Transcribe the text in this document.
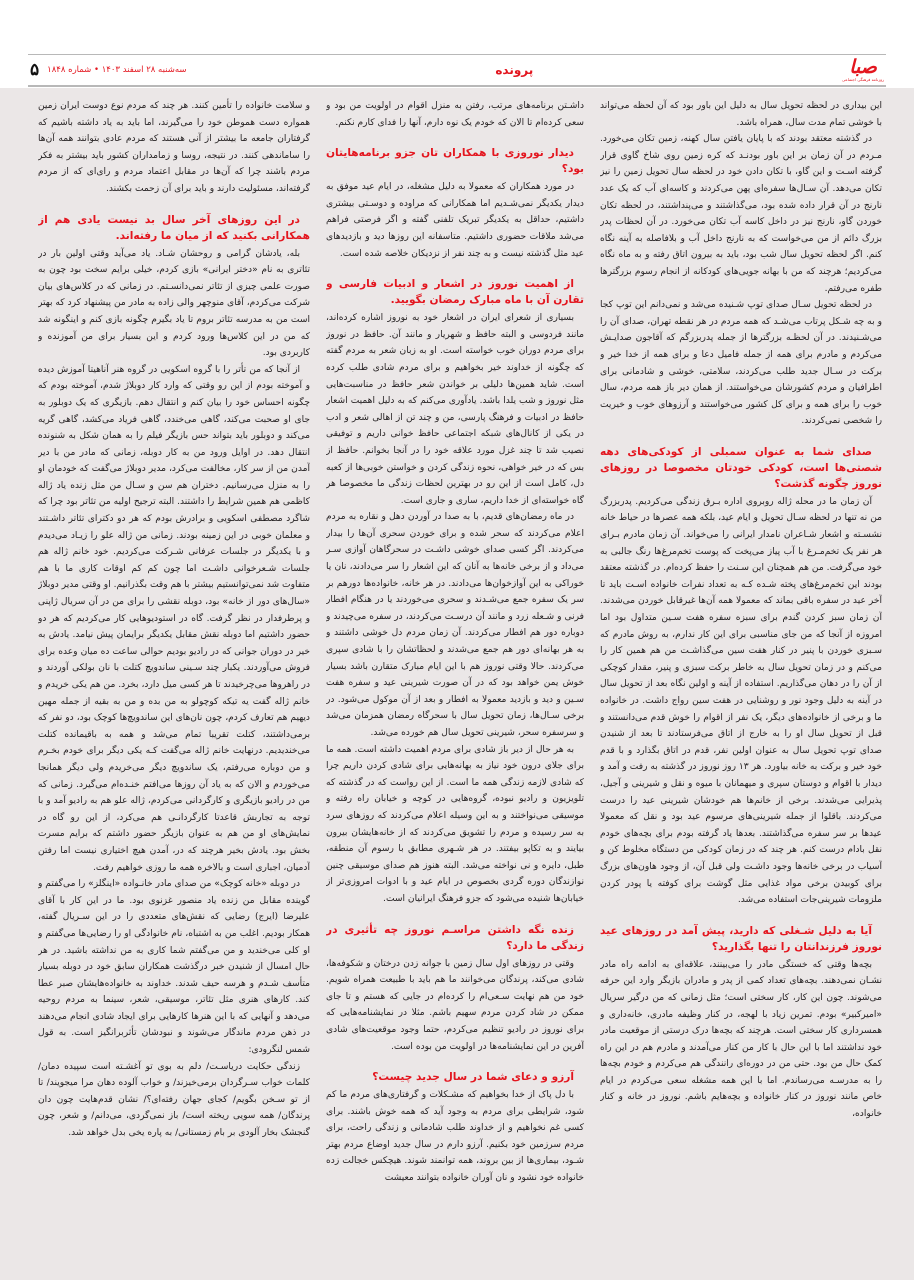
صبا
روزنامه فرهنگی اجتماعی
پرونده
سه‌شنبه ۲۸ اسفند ۱۴۰۳ • شماره ۱۸۴۸
۵

این بیداری در لحظه تحویل سال به دلیل این باور بود که آن لحظه می‌تواند با خوشی تمام مدت سال، همراه باشد.

در گذشته معتقد بودند که با پایان یافتن سال کهنه، زمین تکان می‌خورد. مـردم در آن زمان بر این باور بودنـد که کره زمین روی شاخ گاوی قرار گرفته اسـت و این گاو، با تکان دادن خود در لحظه سال تحویل زمین را نیز تکان می‌دهد. آن سـال‌ها سفره‌ای پهن می‌کردند و کاسه‌ای آب که یک عدد نارنج در آن قرار داده شده بود، می‌گذاشتند و می‌پنداشتند، در لحظه تکان خوردن گاو، نارنج نیز در داخل کاسه آب تکان می‌خورد. در آن لحظات پدر بزرگ دائم از من می‌خواست که به نارنج داخل آب و بلافاصله به آینه نگاه کنم. اگر لحظه تحویل سال شب بود، باید به بیرون اتاق رفته و به ماه نگاه می‌کردیم؛ هرچند که من با بهانه جویی‌های کودکانه از انجام رسوم بزرگترها طفره می‌رفتم.

در لحظه تحویل سـال صدای توپ شـنیده می‌شد و نمی‌دانم این توپ کجا و به چه شـکل پرتاب می‌شـد که همه مردم در هر نقطه تهران، صدای آن را می‌شـنیدند. در آن لحظـه بزرگترها از جمله پدربزرگم که آقاجون صدایـش می‌کردم و مادرم برای همه از جمله فامیل دعا و برای همه از خدا خیر و برکت در سـال جدید طلب می‌کردند، سلامتی، خوشی و شادمانی برای اطرافیان و مردم کشورشان می‌خواستند. از همان دیر باز همه مردم، سال خوب را برای همه و برای کل کشور می‌خواستند و آرزوهای خوب و خیریت را شخصی نمی‌کردند.

صدای شما به عنوان سمبلی از کودکی‌های دهه شصتی‌ها است، کودکی خودتان مخصوصا در روزهای نوروز چگونه گذشت؟

آن زمان ما در محله ژاله روبروی اداره بـرق زندگی می‌کردیم. پدربزرگ من نه تنها در لحظه سـال تحویل و ایام عید، بلکه همه عصرها در حیاط خانه نشسـته و اشعار شـاعران نامدار ایرانی را می‌خواند. آن زمان مادرم بـرای هر نفر یک تخم‌مـرغ با آب پیاز می‌پخت که پوست تخم‌مرغ‌ها رنگ جالبی به خود می‌گرفت. من هم همچنان این سـنت را حفظ کرده‌ام. در گذشته معتقد بودند این تخم‌مرغ‌های پخته شـده کـه به تعداد نفرات خانواده اسـت باید تا آخر عید در سفره باقی بماند که معمولا همه آن‌ها غیرقابل خوردن می‌شدند. آن زمان سبز کردن گندم برای سبزه سفره هفت سـین متداول بود اما امروزه از آنجا که من جای مناسبی برای این کار ندارم، به روش مادرم که سـبزی خوردن با پنیر در کنار هفت سین می‌گذاشـت من هم همین کار را می‌کنم و در زمان تحویل سال به خاطر برکت سبزی و پنیر، مقدار کوچکی از آن را در دهان می‌گذاریم. استفاده از آینه و اولین نگاه بعد از تحویل سال در آینه به دلیل وجود نور و روشنایی در هفت سین رواج داشت. در خانواده ما و برخی از خانواده‌های دیگر، یک نفر از اقوام را خوش قدم می‌دانستند و قبل از تحویل سال او را به خارج از اتاق می‌فرستادند تا بعد از شنیدن صدای توپ تحویل سال به عنوان اولین نفر، قدم در اتاق بگذارد و با قدم خود خیر و برکت به خانه بیاورد. هر ۱۳ روز نوروز در گذشته به رفت و آمد و دیدار با اقوام و دوستان سپری و میهمانان با میوه و نقل و شیرینی و آجیل، پذیرایی می‌شدند. برخی از خانم‌ها هم خودشان شیرینی عید را درست می‌کردند. باقلوا از جمله شیرینی‌های مرسوم عید بود و نقل که معمولا عیدها بر سر سفره می‌گذاشتند. بعدها یاد گرفته بودم برای بچه‌های خودم نقل بادام درست کنم. هر چند که در زمان کودکی من دستگاه مخلوط کن و آسیاب در برخی خانه‌ها وجود داشـت ولی قبل آن، از وجود هاون‌های بزرگ برای کوبیدن برخی مواد غذایی مثل گوشت برای کوفته یا پودر کردن ملزومات شیرینی‌جات استفاده می‌شد.

آیا به دلیل شـغلی که دارید، پیش آمد در روزهای عید نوروز فرزندانتان را تنها بگذارید؟

بچه‌ها وقتی که خستگی مادر را می‌بینند، علاقه‌ای به ادامه راه مادر نشـان نمی‌دهند. بچه‌های تعداد کمی از پدر و مادران بازیگر وارد این حرفه می‌شوند. چون این کار، کار سختی است؛ مثل زمانی که من درگیر سریال «امیرکبیر» بودم. تمرین زیاد با لهجه، در کنار وظیفه مادری، خانه‌داری و همسرداری کار سختی است. هرچند که بچه‌ها درک درستی از موقعیت مادر خود نداشتند اما با این حال با کار من کنار می‌آمدند و مادرم هم در این راه کمک حال من بود. حتی من در دوره‌ای رانندگی هم می‌کردم و خودم بچه‌ها را به مدرسـه می‌رساندم. اما با این همه مشغله سعی می‌کردم در ایام خاص مانند نوروز در کنار خانواده و بچه‌هایم باشم. نوروز در خانه و کنار خانواده،

داشـتن برنامه‌های مرتب، رفتن به منزل اقوام در اولویت من بود و سعی کرده‌ام تا الان که خودم یک نوه دارم، آنها را فدای کارم نکنم.

دیدار نوروزی با همکاران تان جزو برنامه‌هایتان بود؟

در مورد همکاران که معمولا به دلیل مشغله، در ایام عید موفق به دیدار یکدیگر نمی‌شـدیم اما همکارانی که مراوده و دوسـتی بیشتری داشتیم، حداقل به یکدیگر تبریک تلفنی گفته و اگر فرصتی فراهم می‌شد ملاقات حضوری داشتیم. متاسفانه این روزها دید و بازدیدهای عید مثل گذشته نیست و به چند نفر از نزدیکان خلاصه شده است.

از اهمیت نوروز در اشعار و ادبیات فارسی و تقارن آن با ماه مبارک رمضان بگویید.

بسیاری از شعرای ایران در اشعار خود به نوروز اشاره کرده‌اند، مانند فردوسی و البته حافظ و شهریار و مانند آن. حافظ در نوروز برای مردم دوران خوب خواسته است. او به زبان شعر به مردم گفته که چگونه از خداوند خیر بخواهیم و برای مردم شادی طلب کرده است. شاید همین‌ها دلیلی بر خواندن شعر حافظ در مناسبت‌هایی مثل نوروز و شب یلدا باشد. یادآوری می‌کنم که به دلیل اهمیت اشعار حافظ در ادبیات و فرهنگ پارسی، من و چند تن از اهالی شعر و ادب در یکی از کانال‌های شبکه اجتماعی حافظ خوانی داریم و توفیقی نصیب شد تا چند غزل مورد علاقه خود را در آنجا بخوانم. حافظ از بس که در خیر خواهی، نحوه زندگی کردن و خواستن خوبی‌ها از کعبه دل، کامل است از این رو در بهترین لحظات زندگی ما مخصوصا هر گاه خواسته‌ای از خدا داریم، ساری و جاری است.

در ماه رمضان‌های قدیم، با به صدا در آوردن دهل و نقاره به مردم اعلام می‌کردند که سحر شده و برای خوردن سحری آن‌ها را بیدار می‌کردند. اگر کسی صدای خوشی داشـت در سحرگاهان آوازی سـر می‌داد و از برخی خانه‌ها به آنان که این اشعار را سر می‌دادند، نان یا خوراکی به این آوازخوان‌ها می‌دادند. در هر خانه، خانواده‌ها دورهم بر سر یک سفره جمع می‌شـدند و سحری می‌خوردند یا در هنگام افطار فرنی و شـعله زرد و مانند آن درسـت می‌کردند، در سفره می‌چیدند و دوباره دور هم افطار می‌کردند. آن زمان مردم دل خوشی داشتند و به هر بهانه‌ای دور هم جمع می‌شدند و لحظاتشان را با شادی سپری می‌کردند. حالا وقتی نوروز هم با این ایام مبارک متقارن باشد بسیار خوش یمن خواهد بود که در آن صورت شیرینی عید و سفره هفت سـین و دید و بازدید معمولا به افطار و بعد از آن موکول می‌شود. در برخی سـال‌ها، زمان تحویل سال با سحرگاه رمضان همزمان می‌شد و سرسفره سحر، شیرینی تحویل سال هم خورده می‌شد.

به هر حال از دیر باز شادی برای مردم اهمیت داشته است. همه ما برای جلای درون خود نیاز به بهانه‌هایی برای شادی کردن داریم چرا که شادی لازمه زندگی همه ما است. از این رواست که در گذشته که تلویزیون و رادیو نبوده، گروه‌هایی در کوچه و خیابان راه رفته و موسیقی می‌نواختند و به این وسیله اعلام می‌کردند که روزهای سرد به سر رسیده و مردم را تشویق می‌کردند که از خانه‌هایشان بیرون بیایند و به تکاپو بیفتند. در هر شـهری مطابق با رسوم آن منطقه، طبل، دایره و نی نواخته می‌شد. البته هنوز هم صدای موسیقی چنین نوازندگان دوره گردی بخصوص در ایام عید و با ادوات امروزی‌تر از خیابان‌ها شنیده می‌شود که جزو فرهنگ ایرانیان است.

زنده نگه داشتن مراسـم نوروز چه تأثیری در زندگی ما دارد؟

وقتی در روزهای اول سال زمین با جوانه زدن درختان و شکوفه‌ها، شادی می‌کند، پرندگان می‌خوانند ما هم باید با طبیعت همراه شویم. خود من هم نهایت سـعی‌ام را کرده‌ام در جایی که هستم و تا جای ممکن در شاد کردن مردم سهیم باشم. مثلا در نمایشنامه‌هایی که برای نوروز در رادیو تنظیم می‌کردم، حتما وجود موقعیت‌های شادی آفرین در این نمایشنامه‌ها در اولویت من بوده است.

آرزو و دعای شما در سال جدید چیست؟

با دل پاک از خدا بخواهیم که مشـکلات و گرفتاری‌های مردم ما کم شود، شرایطی برای مردم به وجود آید که همه خوش باشند. برای کسی غم نخواهیم و از خداوند طلب شادمانی و زندگی راحت، برای مردم سرزمین خود بکنیم. آرزو دارم در سال جدید اوضاع مردم بهتر شـود، بیماری‌ها از بین بروند، همه توانمند شوند. هیچکس خجالت زده خانواده خود نشود و نان آوران خانواده بتوانند معیشت

و سلامت خانواده را تأمین کنند. هر چند که مردم نوع دوست ایران زمین همواره دست هموطن خود را می‌گیرند، اما باید به یاد داشته باشیم که گرفتاران جامعه ما بیشتر از آنی هستند که مردم عادی بتوانند همه آن‌ها را ساماندهی کنند. در نتیجه، روسا و زمامداران کشور باید بیشتر به فکر مردم باشند چرا که آن‌ها در مقابل اعتماد مردم و رای‌ای که از مردم گرفته‌اند، مسئولیت دارند و باید برای آن زحمت بکشند.

در این روزهای آخر سال بد نیست یادی هم از همکارانی بکنید که از میان ما رفته‌اند.

بله، یادشان گرامی و روحشان شـاد. یاد می‌آید وقتی اولین بار در تئاتری به نام «دختر ایرانی» بازی کردم، خیلی برایم سخت بود چون به صورت علمی چیزی از تئاتر نمی‌دانسـتم. در زمانی که در کلاس‌های بیان شرکت می‌کردم، آقای منوچهر والی زاده به مادر من پیشنهاد کرد که بهتر است من به مدرسه تئاتر بروم تا یاد بگیرم چگونه بازی کنم و اینگونه شد که من در این کلاس‌ها ورود کردم و این بسیار برای من آموزنده و کاربردی بود.

از آنجا که من تأتر را با گروه اسکویی در گروه هنر آناهیتا آموزش دیده و آموخته بودم از این رو وقتی که وارد کار دوبلاژ شدم، آموخته بودم که چگونه احساس خود را بیان کنم و انتقال دهم. بازیگری که یک دوبلور به جای او صحبت می‌کند، گاهی می‌خندد، گاهی فریاد می‌کشد، گاهی گریه می‌کند و دوبلور باید بتواند حس بازیگر فیلم را به همان شکل به شنونده انتقال دهد. در اوایل ورود من به کار دوبله، زمانی که مادر من با دیر آمدن من از سر کار، مخالفت می‌کرد، مدیر دوبلاژ می‌گفت که خودمان او را به منزل می‌رسانیم. دختران هم سن و سـال من مثل زنده یاد ژاله کاظمی هم همین شرایط را داشتند. البته ترجیح اولیه من تئاتر بود چرا که شاگرد مصطفی اسکویی و برادرش بودم که هر دو دکترای تئاتر داشـتند و معلمان خوبی در این زمینه بودند. زمانی من ژاله علو را زیـاد می‌دیدم و با یکدیگر در جلسات عرفانی شـرکت می‌کردیم. خود خانم ژاله هم جلسات شـعرخوانی داشـت اما چون کم کم اوقات کاری ما با هم متفاوت شد نمی‌توانستیم بیشتر با هم وقت بگذرانیم. او وقتی مدیر دوبلاژ «سال‌های دور از خانه» بود، دوبله نقشی را برای من در آن سریال ژاپنی و پرطرفدار در نظر گرفت. گاه در استودیوهایی کار می‌کردیم که هر دو حضور داشتیم اما دوبله نقش مقابل یکدیگر برایمان پیش نیامد. یادش به خیر در دوران جوانی که در رادیو بودیم حوالی ساعت ده میان وعده برای فروش می‌آوردند. یکبار چند سـینی ساندویچ کتلت با نان بولکی آوردند و در راهروها می‌چرخیدند تا هر کسی میل دارد، بخرد. من هم یکی خریدم و خانم ژاله گفت یه تیکه کوچولو به من بده و من به بقیه از جمله مهین دیهیم هم تعارف کردم، چون نان‌های این ساندویچ‌ها کوچک بود، دو نفر که برمی‌داشتند، کتلت تقریبا تمام می‌شد و همه به باقیمانده کتلت می‌خندیدیم. درنهایت خانم ژاله می‌گفت کـه یکی دیگر برای خودم بخـرم و من دوباره می‌رفتم، یک ساندویچ دیگر می‌خریدم ولی دیگر همانجا می‌خوردم و الان که به یاد آن روزها می‌افتم خنـده‌ام می‌گیرد. زمانی که من در رادیو بازیگری و کارگردانی می‌کردم، ژاله علو هم به رادیو آمد و با توجه به تجاربش قاعدتا کارگردانـی هم می‌کرد، از این رو گاه در نمایش‌های او من هم به عنوان بازیگر حضور داشتم که برایم مسرت بخش بود. یادش بخیر هرچند که در، آمدن هیچ اختیاری نیست اما رفتن آدمیان، اجباری است و بالاخره همه ما روزی خواهیم رفت.

در دوبله «خانه کوچک» من صدای مادر خانـواده «اینگلز» را می‌گفتم و گوینده مقابل من زنده یاد منصور غزنوی بود. ما در این کار با آقای علیرضا (ایرج) رضایی که نقش‌های متعددی را در این سـریال گفته، همکار بودیم. اغلب من به اشتباه، نام خانوادگی او را رضایی‌ها می‌گفتم و او کلی می‌خندید و من می‌گفتم شما کاری به من نداشته باشید. در هر حال امسال از شنیدن خبر درگذشت همکاران سابق خود در دوبله بسیار متأسف شـدم و هرسه حیف شدند. خداوند به خانواده‌هایشان صبر عطا کند. کارهای هنری مثل تئاتر، موسیقی، شعر، سینما به مردم روحیه می‌دهد و آنهایی که با این هنرها کارهایی برای ایجاد شادی انجام می‌دهند در ذهن مردم ماندگار می‌شوند و نبودشان تأثربرانگیز است. به قول شمس لنگرودی:

زندگی حکایت دریاسـت/ دلم به بوی تو آغشـته است سپیده دمان/ کلمات خواب سـرگردان برمی‌خیزند/ و خواب آلوده دهان مرا میجویند/ تا از تو سـخن بگویم/ کجای جهان رفته‌ای؟/ نشان قدم‌هایت چون دان پرندگان/ همه سویی ریخته است/ باز نمی‌گردی، می‌دانم/ و شعر، چون گنجشک بخار آلودی بر بام زمستانی/ به پاره یخی بدل خواهد شد.
